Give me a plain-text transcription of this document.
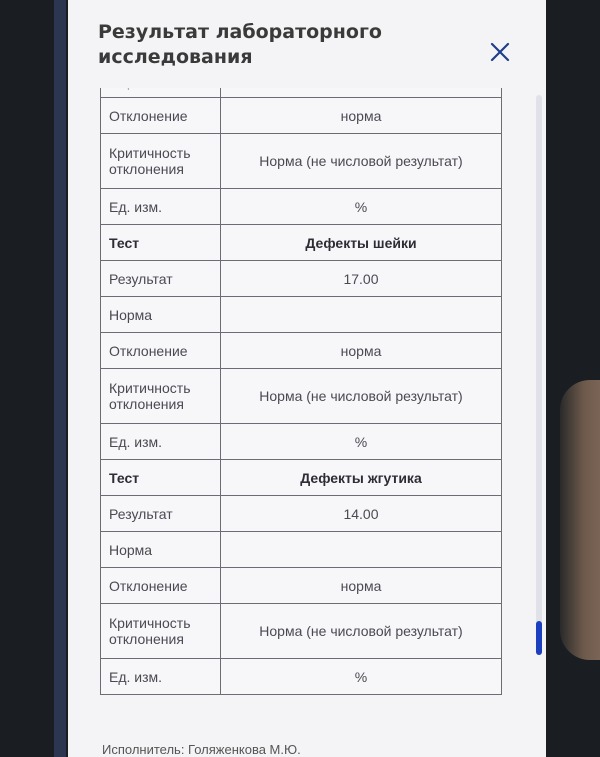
Результат лабораторного исследования

Отклонение	норма
Критичность отклонения	Норма (не числовой результат)
Ед. изм.	%
Тест	Дефекты шейки
Результат	17.00
Норма	
Отклонение	норма
Критичность отклонения	Норма (не числовой результат)
Ед. изм.	%
Тест	Дефекты жгутика
Результат	14.00
Норма	
Отклонение	норма
Критичность отклонения	Норма (не числовой результат)
Ед. изм.	%
Исполнитель: Голяженкова М.Ю.
